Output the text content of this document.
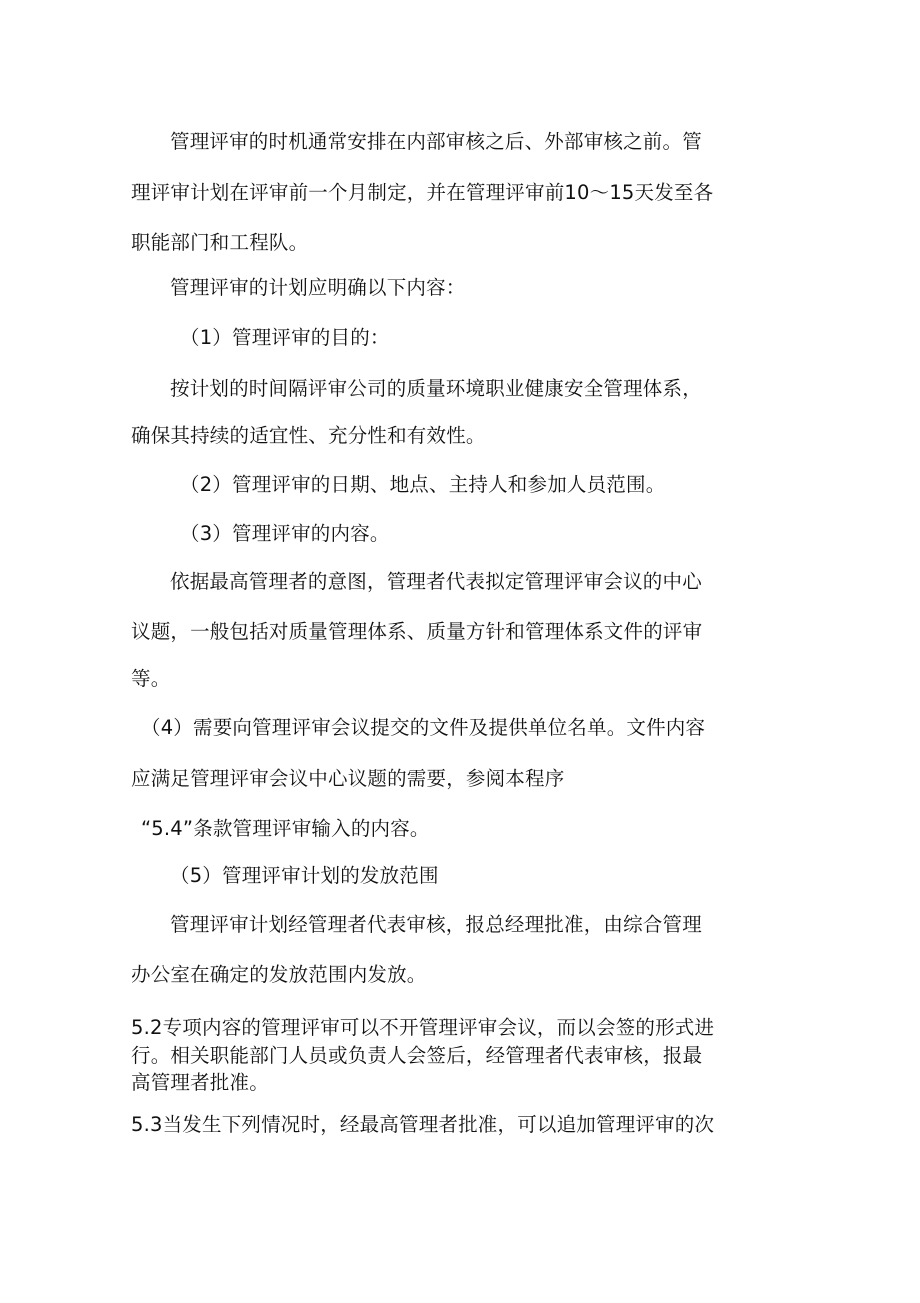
管理评审的时机通常安排在内部审核之后、外部审核之前。管
理评审计划在评审前一个月制定，并在管理评审前10～15天发至各
职能部门和工程队。
管理评审的计划应明确以下内容：
（1）管理评审的目的：
按计划的时间隔评审公司的质量环境职业健康安全管理体系，
确保其持续的适宜性、充分性和有效性。
（2）管理评审的日期、地点、主持人和参加人员范围。
（3）管理评审的内容。
依据最高管理者的意图，管理者代表拟定管理评审会议的中心
议题，一般包括对质量管理体系、质量方针和管理体系文件的评审
等。
（4）需要向管理评审会议提交的文件及提供单位名单。文件内容
应满足管理评审会议中心议题的需要，参阅本程序
“5.4”条款管理评审输入的内容。
（5）管理评审计划的发放范围
管理评审计划经管理者代表审核，报总经理批准，由综合管理
办公室在确定的发放范围内发放。
5.2专项内容的管理评审可以不开管理评审会议，而以会签的形式进
行。相关职能部门人员或负责人会签后，经管理者代表审核，报最
高管理者批准。
5.3当发生下列情况时，经最高管理者批准，可以追加管理评审的次
